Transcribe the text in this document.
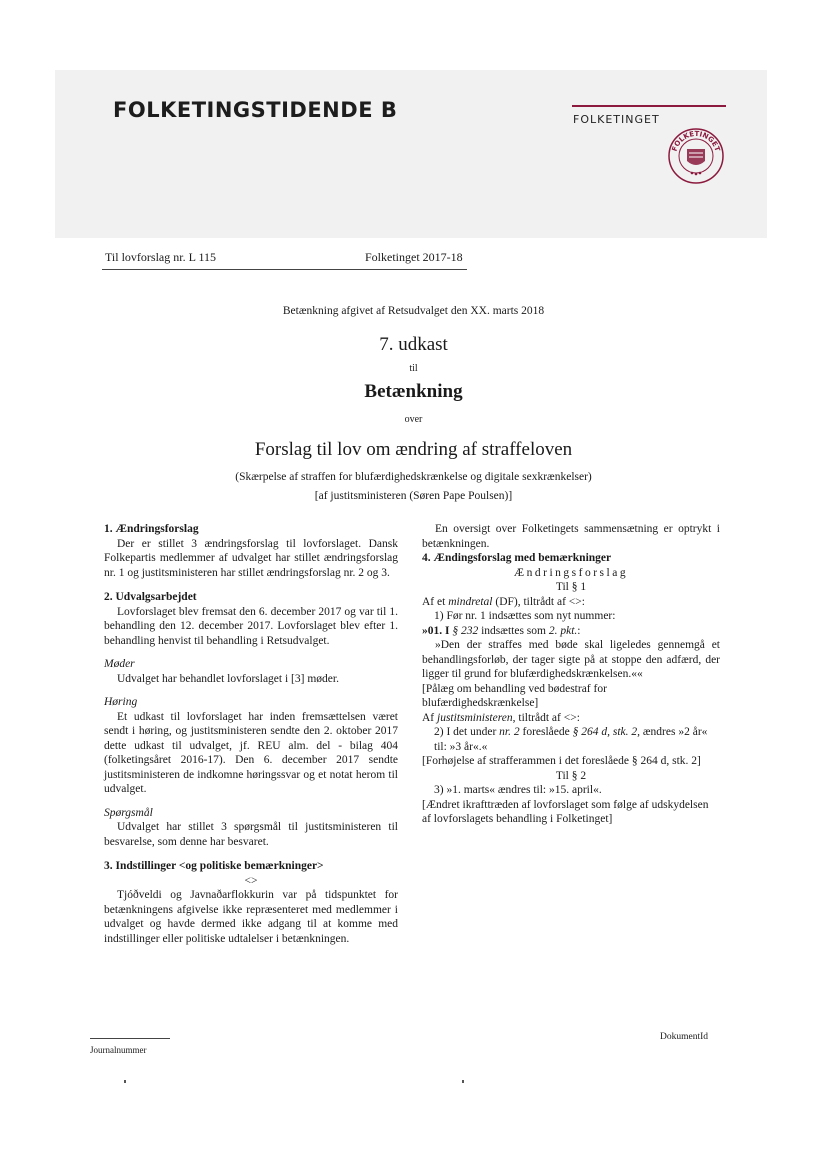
FOLKETINGSTIDENDE B	FOLKETINGET
FOLKETINGET
Til lovforslag nr. L 115	Folketinget 2017-18
Betænkning afgivet af Retsudvalget den XX. marts 2018
7. udkast
til
Betænkning
over
Forslag til lov om ændring af straffeloven
(Skærpelse af straffen for blufærdighedskrænkelse og digitale sexkrænkelser)
[af justitsministeren (Søren Pape Poulsen)]

1. Ændringsforslag

Der er stillet 3 ændringsforslag til lovforslaget. Dansk Folkepartis medlemmer af udvalget har stillet ændringsforslag nr. 1 og justitsministeren har stillet ændringsforslag nr. 2 og 3.

2. Udvalgsarbejdet

Lovforslaget blev fremsat den 6. december 2017 og var til 1. behandling den 12. december 2017. Lovforslaget blev efter 1. behandling henvist til behandling i Retsudvalget.

Møder

Udvalget har behandlet lovforslaget i [3] møder.

Høring

Et udkast til lovforslaget har inden fremsættelsen været sendt i høring, og justitsministeren sendte den 2. oktober 2017 dette udkast til udvalget, jf. REU alm. del - bilag 404 (folketingsåret 2016-17). Den 6. december 2017 sendte justitsministeren de indkomne høringssvar og et notat herom til udvalget.

Spørgsmål

Udvalget har stillet 3 spørgsmål til justitsministeren til besvarelse, som denne har besvaret.

3. Indstillinger <og politiske bemærkninger>

<>

Tjóðveldi og Javnaðarflokkurin var på tidspunktet for betænkningens afgivelse ikke repræsenteret med medlemmer i udvalget og havde dermed ikke adgang til at komme med indstillinger eller politiske udtalelser i betænkningen.

En oversigt over Folketingets sammensætning er optrykt i betænkningen.

4. Ændingsforslag med bemærkninger

Ændringsforslag

Til § 1

Af et mindretal (DF), tiltrådt af <>:

1) Før nr. 1 indsættes som nyt nummer:

»01. I § 232 indsættes som 2. pkt.:

»Den der straffes med bøde skal ligeledes gennemgå et behandlingsforløb, der tager sigte på at stoppe den adfærd, der ligger til grund for blufærdighedskrænkelsen.««

[Pålæg om behandling ved bødestraf for blufærdighedskrænkelse]

Af justitsministeren, tiltrådt af <>:

2) I det under nr. 2 foreslåede § 264 d, stk. 2, ændres »2 år« til: »3 år«.«

[Forhøjelse af strafferammen i det foreslåede § 264 d, stk. 2]

Til § 2

3) »1. marts« ændres til: »15. april«.

[Ændret ikrafttræden af lovforslaget som følge af udskydelsen af lovforslagets behandling i Folketinget]

Journalnummer
DokumentId
